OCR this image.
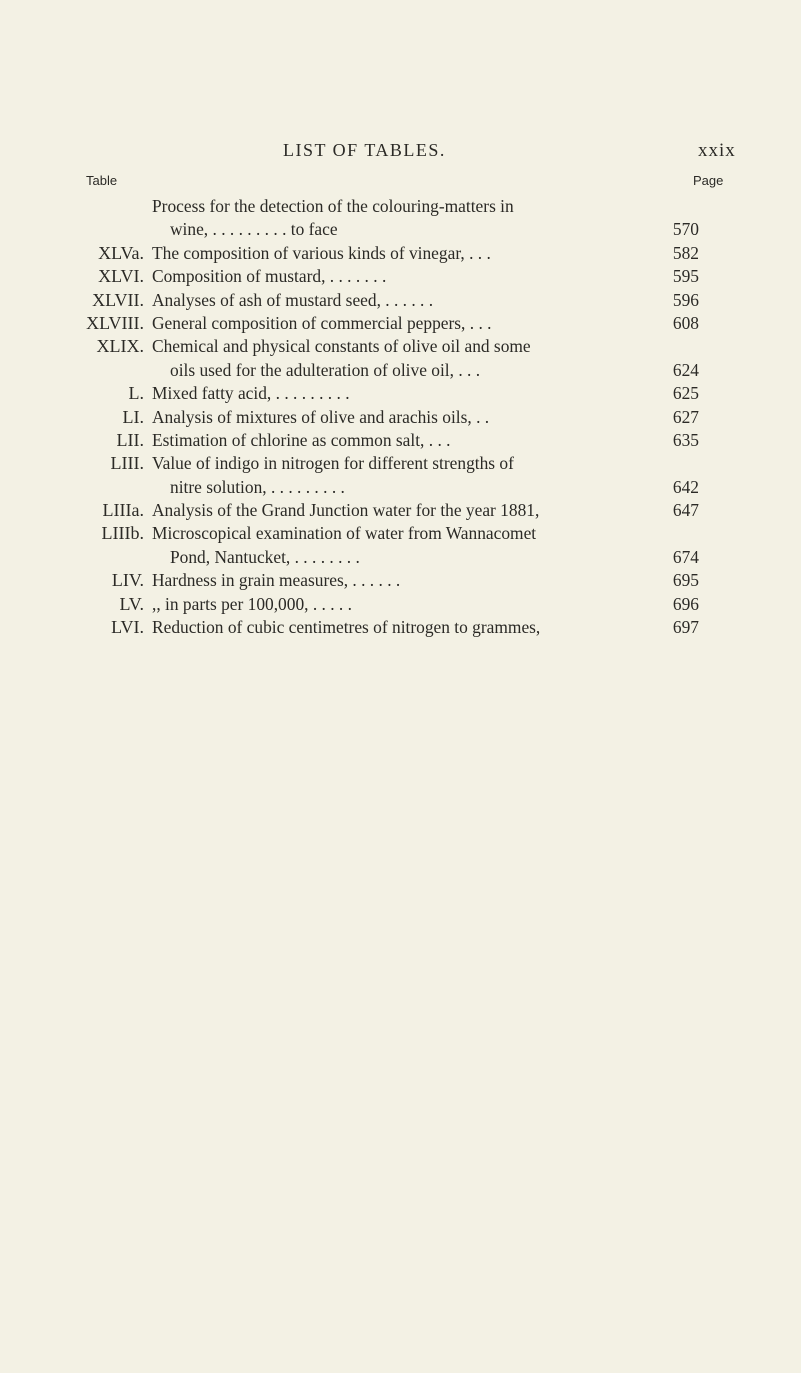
LIST OF TABLES.	xxix
Table	Page
Process for the detection of the colouring-matters in
wine, . . . . . . . . . to face	570
XLVa. The composition of various kinds of vinegar, . . .	582
XLVI. Composition of mustard, . . . . . . .	595
XLVII. Analyses of ash of mustard seed, . . . . . .	596
XLVIII. General composition of commercial peppers, . . .	608
XLIX. Chemical and physical constants of olive oil and some
oils used for the adulteration of olive oil, . . .	624
L. Mixed fatty acid, . . . . . . . . .	625
LI. Analysis of mixtures of olive and arachis oils, . .	627
LII. Estimation of chlorine as common salt, . . .	635
LIII. Value of indigo in nitrogen for different strengths of
nitre solution, . . . . . . . . .	642
LIIIa. Analysis of the Grand Junction water for the year 1881,	647
LIIIb. Microscopical examination of water from Wannacomet
Pond, Nantucket, . . . . . . . .	674
LIV. Hardness in grain measures, . . . . . .	695
LV. ,, in parts per 100,000, . . . . .	696
LVI. Reduction of cubic centimetres of nitrogen to grammes,	697
